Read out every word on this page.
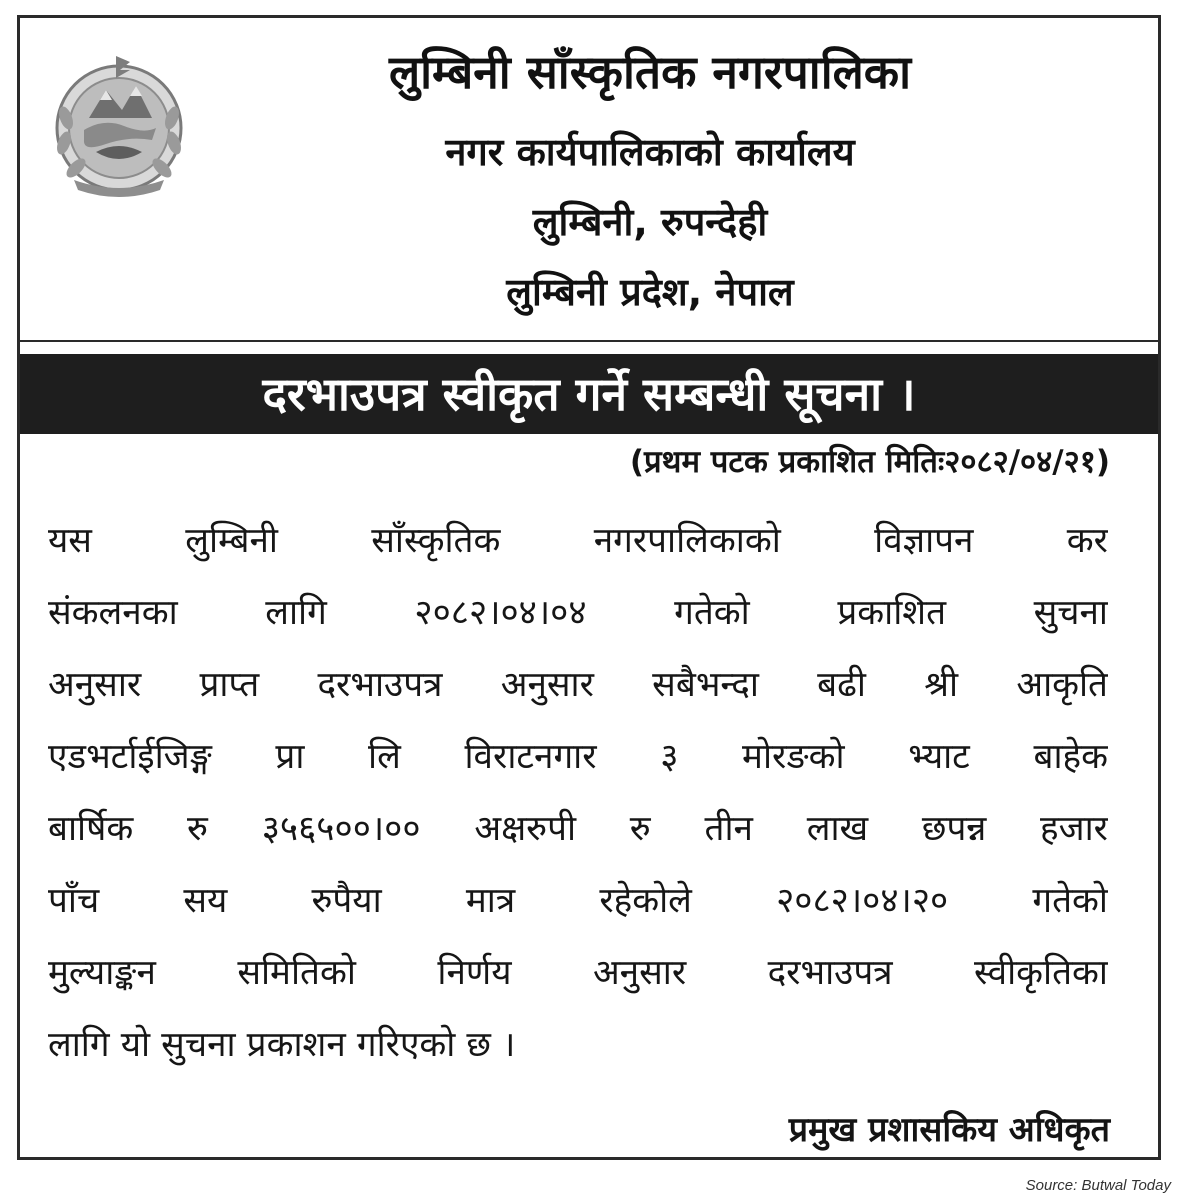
लुम्बिनी साँस्कृतिक नगरपालिका
नगर कार्यपालिकाको कार्यालय
लुम्बिनी, रुपन्देही
लुम्बिनी प्रदेश, नेपाल
दरभाउपत्र स्वीकृत गर्ने सम्बन्धी सूचना ।
(प्रथम पटक प्रकाशित मितिः२०८२/०४/२१)
यस लुम्बिनी साँस्कृतिक नगरपालिकाको विज्ञापन कर
संकलनका लागि २०८२।०४।०४ गतेको प्रकाशित सुचना
अनुसार प्राप्त दरभाउपत्र अनुसार सबैभन्दा बढी श्री आकृति
एडभर्टाईजिङ्ग प्रा लि विराटनगार ३ मोरङको भ्याट बाहेक
बार्षिक रु ३५६५००।०० अक्षरुपी रु तीन लाख छपन्न हजार
पाँच सय रुपैया मात्र रहेकोले २०८२।०४।२० गतेको
मुल्याङ्कन समितिको निर्णय अनुसार दरभाउपत्र स्वीकृतिका
लागि यो सुचना प्रकाशन गरिएको छ ।
प्रमुख प्रशासकिय अधिकृत
Source: Butwal Today
